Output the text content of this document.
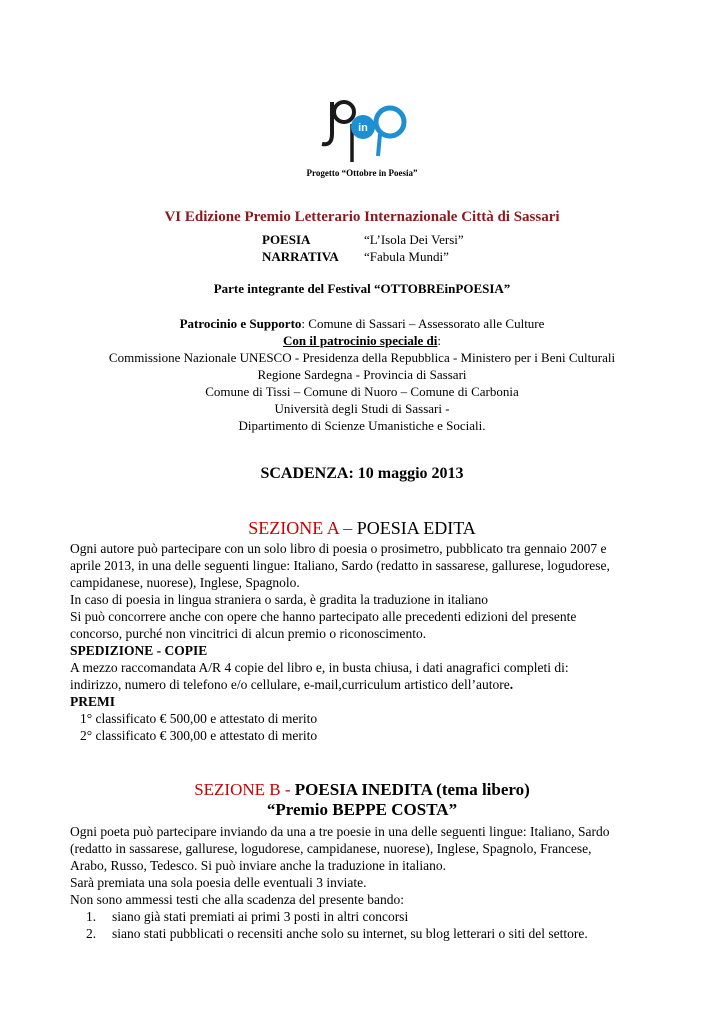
in
Progetto “Ottobre in Poesia”
VI Edizione Premio Letterario Internazionale Città di Sassari
POESIA	“L’Isola Dei Versi”
NARRATIVA “Fabula Mundi”
Parte integrante del Festival “OTTOBREinPOESIA”
Patrocinio e Supporto: Comune di Sassari – Assessorato alle Culture
Con il patrocinio speciale di:
Commissione Nazionale UNESCO - Presidenza della Repubblica - Ministero per i Beni Culturali
Regione Sardegna - Provincia di Sassari
Comune di Tissi – Comune di Nuoro – Comune di Carbonia
Università degli Studi di Sassari -
Dipartimento di Scienze Umanistiche e Sociali.
SCADENZA: 10 maggio 2013
SEZIONE A – POESIA EDITA
Ogni autore può partecipare con un solo libro di poesia o prosimetro, pubblicato tra gennaio 2007 e
aprile 2013, in una delle seguenti lingue: Italiano, Sardo (redatto in sassarese, gallurese, logudorese,
campidanese, nuorese), Inglese, Spagnolo.
In caso di poesia in lingua straniera o sarda, è gradita la traduzione in italiano
Si può concorrere anche con opere che hanno partecipato alle precedenti edizioni del presente
concorso, purché non vincitrici di alcun premio o riconoscimento.
SPEDIZIONE - COPIE
A mezzo raccomandata A/R 4 copie del libro e, in busta chiusa, i dati anagrafici completi di:
indirizzo, numero di telefono e/o cellulare, e-mail,curriculum artistico dell’autore.
PREMI
1° classificato € 500,00 e attestato di merito
2° classificato € 300,00 e attestato di merito
SEZIONE B - POESIA INEDITA (tema libero)
“Premio BEPPE COSTA”
Ogni poeta può partecipare inviando da una a tre poesie in una delle seguenti lingue: Italiano, Sardo
(redatto in sassarese, gallurese, logudorese, campidanese, nuorese), Inglese, Spagnolo, Francese,
Arabo, Russo, Tedesco. Si può inviare anche la traduzione in italiano.
Sarà premiata una sola poesia delle eventuali 3 inviate.
Non sono ammessi testi che alla scadenza del presente bando:
1. siano già stati premiati ai primi 3 posti in altri concorsi
2. siano stati pubblicati o recensiti anche solo su internet, su blog letterari o siti del settore.
